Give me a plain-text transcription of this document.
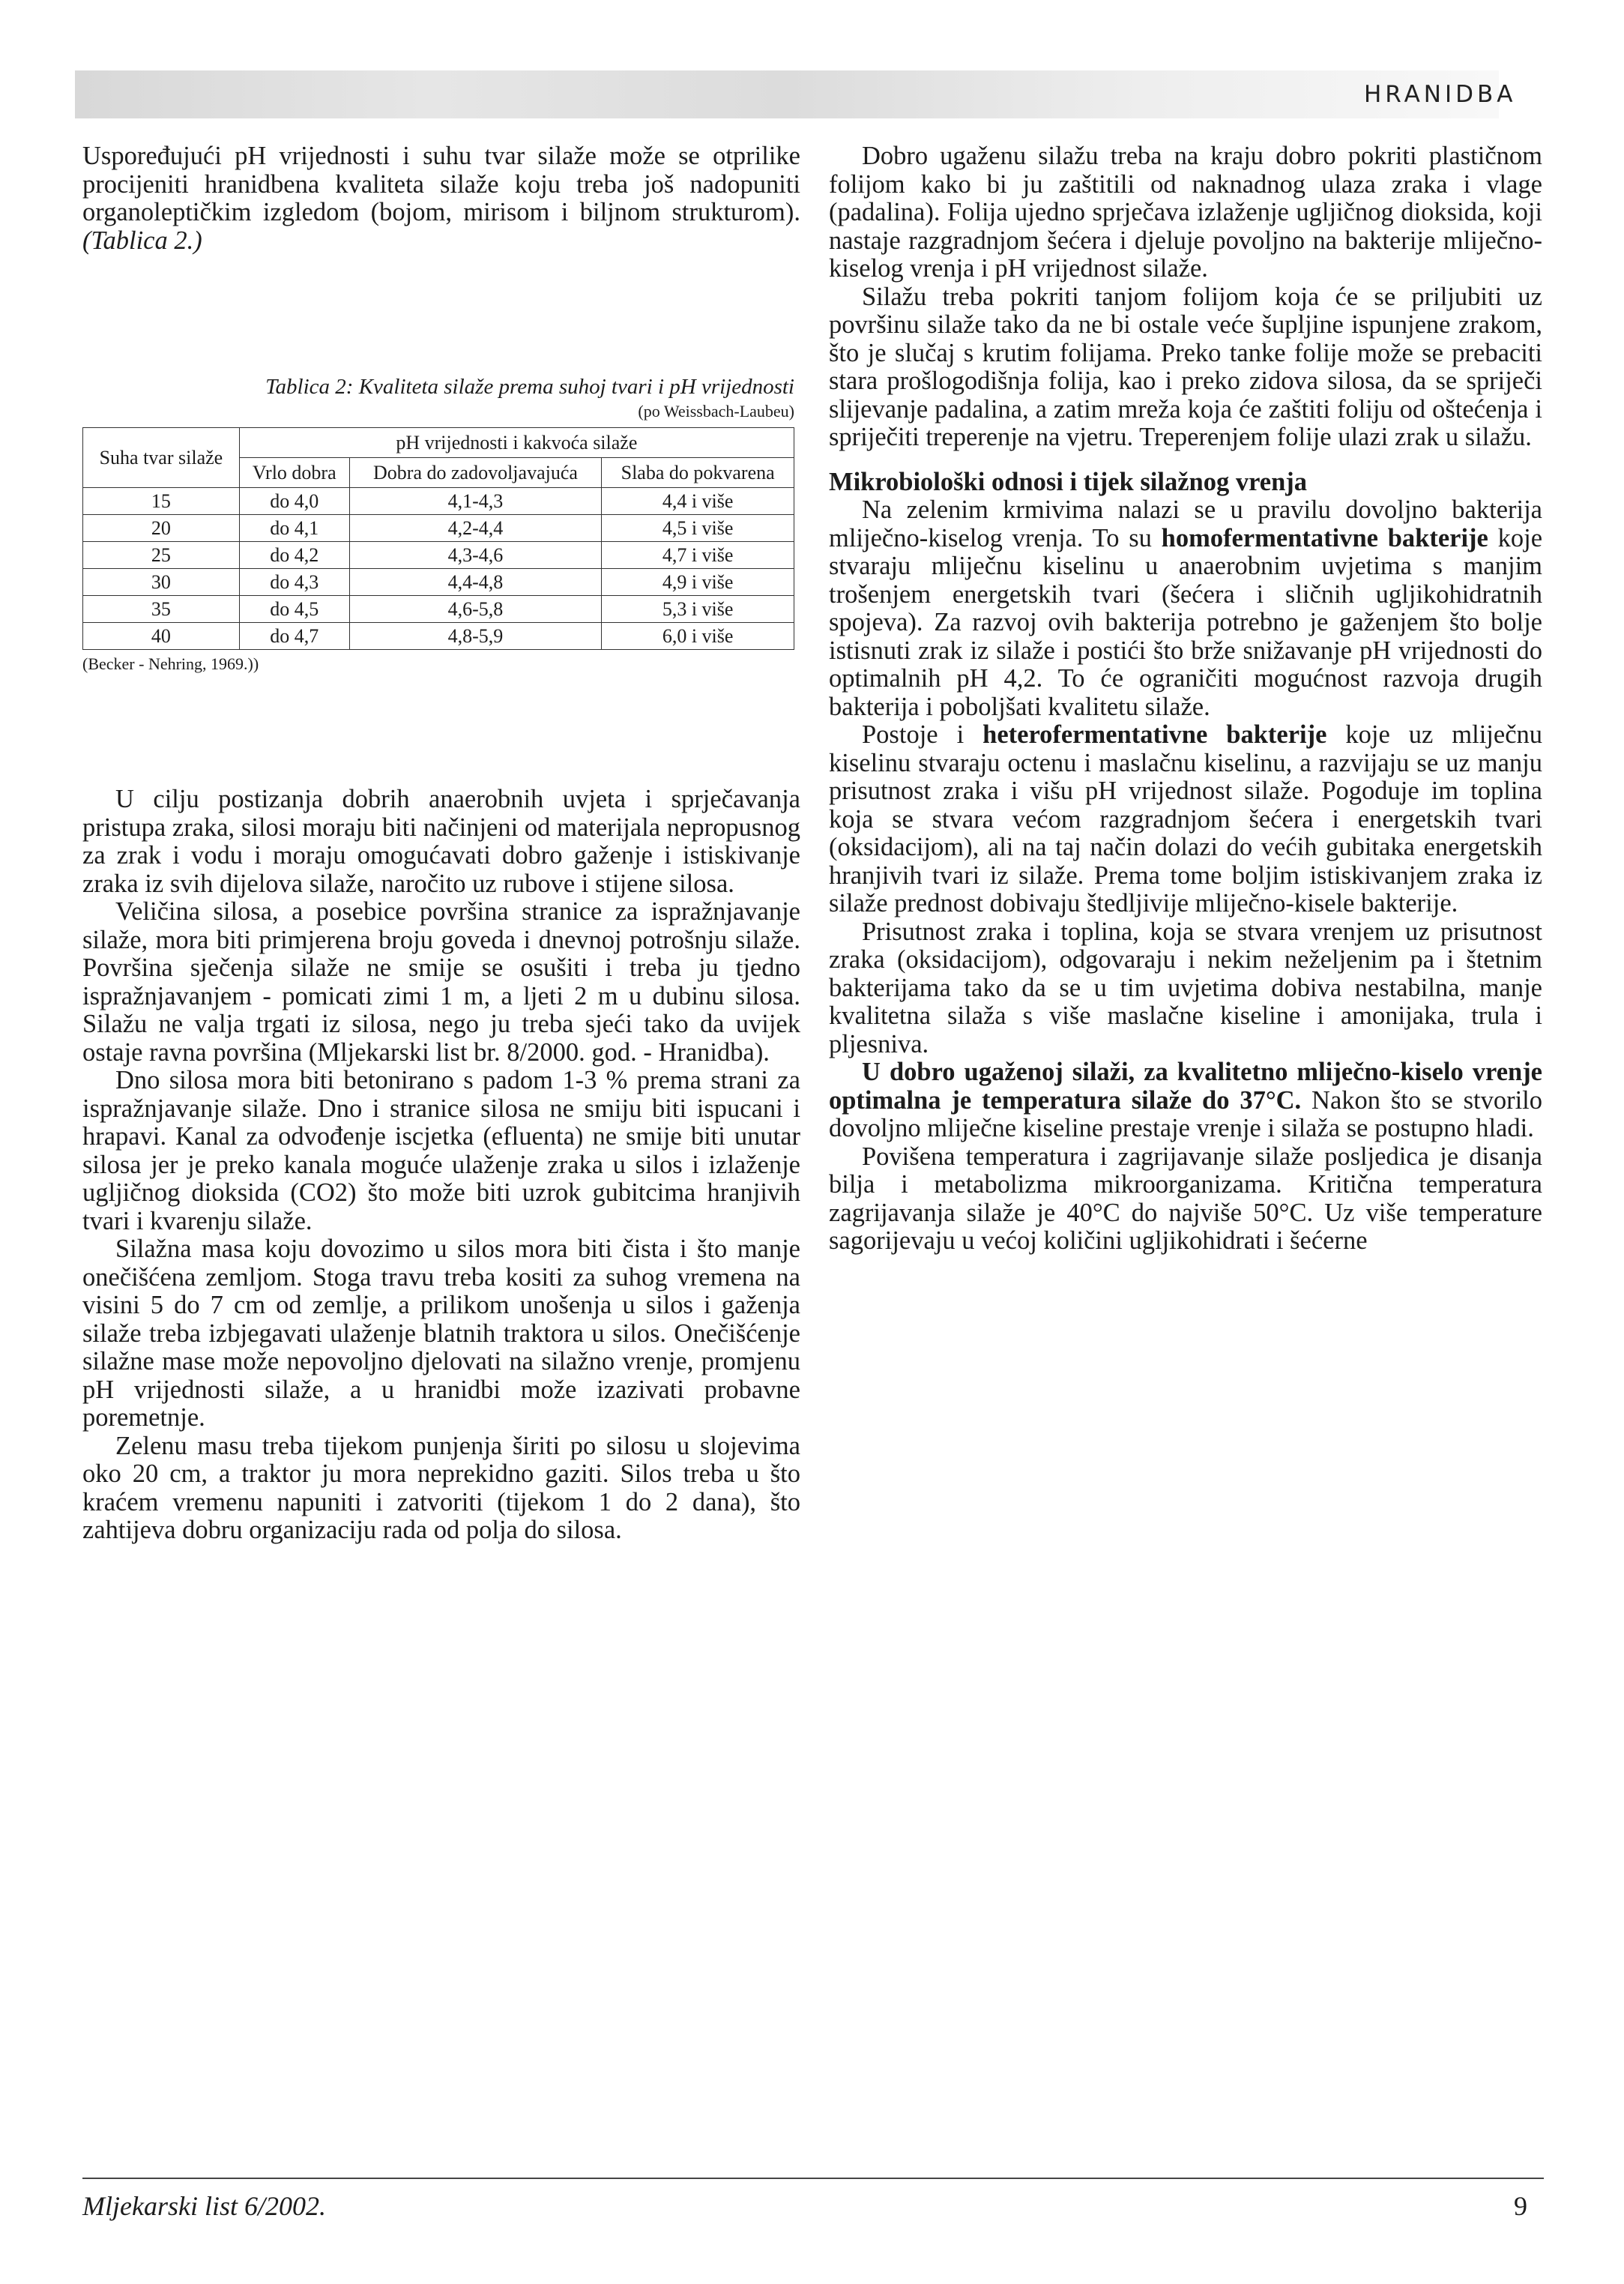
HRANIDBA

Uspoređujući pH vrijednosti i suhu tvar silaže može se otprilike procijeniti hranidbena kvaliteta silaže koju treba još nadopuniti organoleptičkim izgledom (bojom, mirisom i biljnom strukturom). (Tablica 2.)

Tablica 2: Kvaliteta silaže prema suhoj tvari i pH vrijednosti
(po Weissbach-Laubeu)
Suha tvar silaže	pH vrijednosti i kakvoća silaže		
	Vrlo dobra	Dobra do zadovoljavajuća	Slaba do pokvarena
15	do 4,0	4,1-4,3	4,4 i više
20	do 4,1	4,2-4,4	4,5 i više
25	do 4,2	4,3-4,6	4,7 i više
30	do 4,3	4,4-4,8	4,9 i više
35	do 4,5	4,6-5,8	5,3 i više
40	do 4,7	4,8-5,9	6,0 i više
(Becker - Nehring, 1969.))

U cilju postizanja dobrih anaerobnih uvjeta i sprječavanja pristupa zraka, silosi moraju biti načinjeni od materijala nepropusnog za zrak i vodu i moraju omogućavati dobro gaženje i istiskivanje zraka iz svih dijelova silaže, naročito uz rubove i stijene silosa.

Veličina silosa, a posebice površina stranice za ispražnjavanje silaže, mora biti primjerena broju goveda i dnevnoj potrošnju silaže. Površina sječenja silaže ne smije se osušiti i treba ju tjedno ispražnjavanjem - pomicati zimi 1 m, a ljeti 2 m u dubinu silosa. Silažu ne valja trgati iz silosa, nego ju treba sjeći tako da uvijek ostaje ravna površina (Mljekarski list br. 8/2000. god. - Hranidba).

Dno silosa mora biti betonirano s padom 1-3 % prema strani za ispražnjavanje silaže. Dno i stranice silosa ne smiju biti ispucani i hrapavi. Kanal za odvođenje iscjetka (efluenta) ne smije biti unutar silosa jer je preko kanala moguće ulaženje zraka u silos i izlaženje ugljičnog dioksida (CO2) što može biti uzrok gubitcima hranjivih tvari i kvarenju silaže.

Silažna masa koju dovozimo u silos mora biti čista i što manje onečišćena zemljom. Stoga travu treba kositi za suhog vremena na visini 5 do 7 cm od zemlje, a prilikom unošenja u silos i gaženja silaže treba izbjegavati ulaženje blatnih traktora u silos. Onečišćenje silažne mase može nepovoljno djelovati na silažno vrenje, promjenu pH vrijednosti silaže, a u hranidbi može izazivati probavne poremetnje.

Zelenu masu treba tijekom punjenja širiti po silosu u slojevima oko 20 cm, a traktor ju mora neprekidno gaziti. Silos treba u što kraćem vremenu napuniti i zatvoriti (tijekom 1 do 2 dana), što zahtijeva dobru organizaciju rada od polja do silosa.

Dobro ugaženu silažu treba na kraju dobro pokriti plastičnom folijom kako bi ju zaštitili od naknadnog ulaza zraka i vlage (padalina). Folija ujedno sprječava izlaženje ugljičnog dioksida, koji nastaje razgradnjom šećera i djeluje povoljno na bakterije mliječno-kiselog vrenja i pH vrijednost silaže.

Silažu treba pokriti tanjom folijom koja će se priljubiti uz površinu silaže tako da ne bi ostale veće šupljine ispunjene zrakom, što je slučaj s krutim folijama. Preko tanke folije može se prebaciti stara prošlogodišnja folija, kao i preko zidova silosa, da se spriječi slijevanje padalina, a zatim mreža koja će zaštiti foliju od oštećenja i spriječiti treperenje na vjetru. Treperenjem folije ulazi zrak u silažu.

Mikrobiološki odnosi i tijek silažnog vrenja

Na zelenim krmivima nalazi se u pravilu dovoljno bakterija mliječno-kiselog vrenja. To su homofermentativne bakterije koje stvaraju mliječnu kiselinu u anaerobnim uvjetima s manjim trošenjem energetskih tvari (šećera i sličnih ugljikohidratnih spojeva). Za razvoj ovih bakterija potrebno je gaženjem što bolje istisnuti zrak iz silaže i postići što brže snižavanje pH vrijednosti do optimalnih pH 4,2. To će ograničiti mogućnost razvoja drugih bakterija i poboljšati kvalitetu silaže.

Postoje i heterofermentativne bakterije koje uz mliječnu kiselinu stvaraju octenu i maslačnu kiselinu, a razvijaju se uz manju prisutnost zraka i višu pH vrijednost silaže. Pogoduje im toplina koja se stvara većom razgradnjom šećera i energetskih tvari (oksidacijom), ali na taj način dolazi do većih gubitaka energetskih hranjivih tvari iz silaže. Prema tome boljim istiskivanjem zraka iz silaže prednost dobivaju štedljivije mliječno-kisele bakterije.

Prisutnost zraka i toplina, koja se stvara vrenjem uz prisutnost zraka (oksidacijom), odgovaraju i nekim neželjenim pa i štetnim bakterijama tako da se u tim uvjetima dobiva nestabilna, manje kvalitetna silaža s više maslačne kiseline i amonijaka, trula i pljesniva.

U dobro ugaženoj silaži, za kvalitetno mliječno-kiselo vrenje optimalna je temperatura silaže do 37°C. Nakon što se stvorilo dovoljno mliječne kiseline prestaje vrenje i silaža se postupno hladi.

Povišena temperatura i zagrijavanje silaže posljedica je disanja bilja i metabolizma mikroorganizama. Kritična temperatura zagrijavanja silaže je 40°C do najviše 50°C. Uz više temperature sagorijevaju u većoj količini ugljikohidrati i šećerne

Mljekarski list 6/2002.	9
